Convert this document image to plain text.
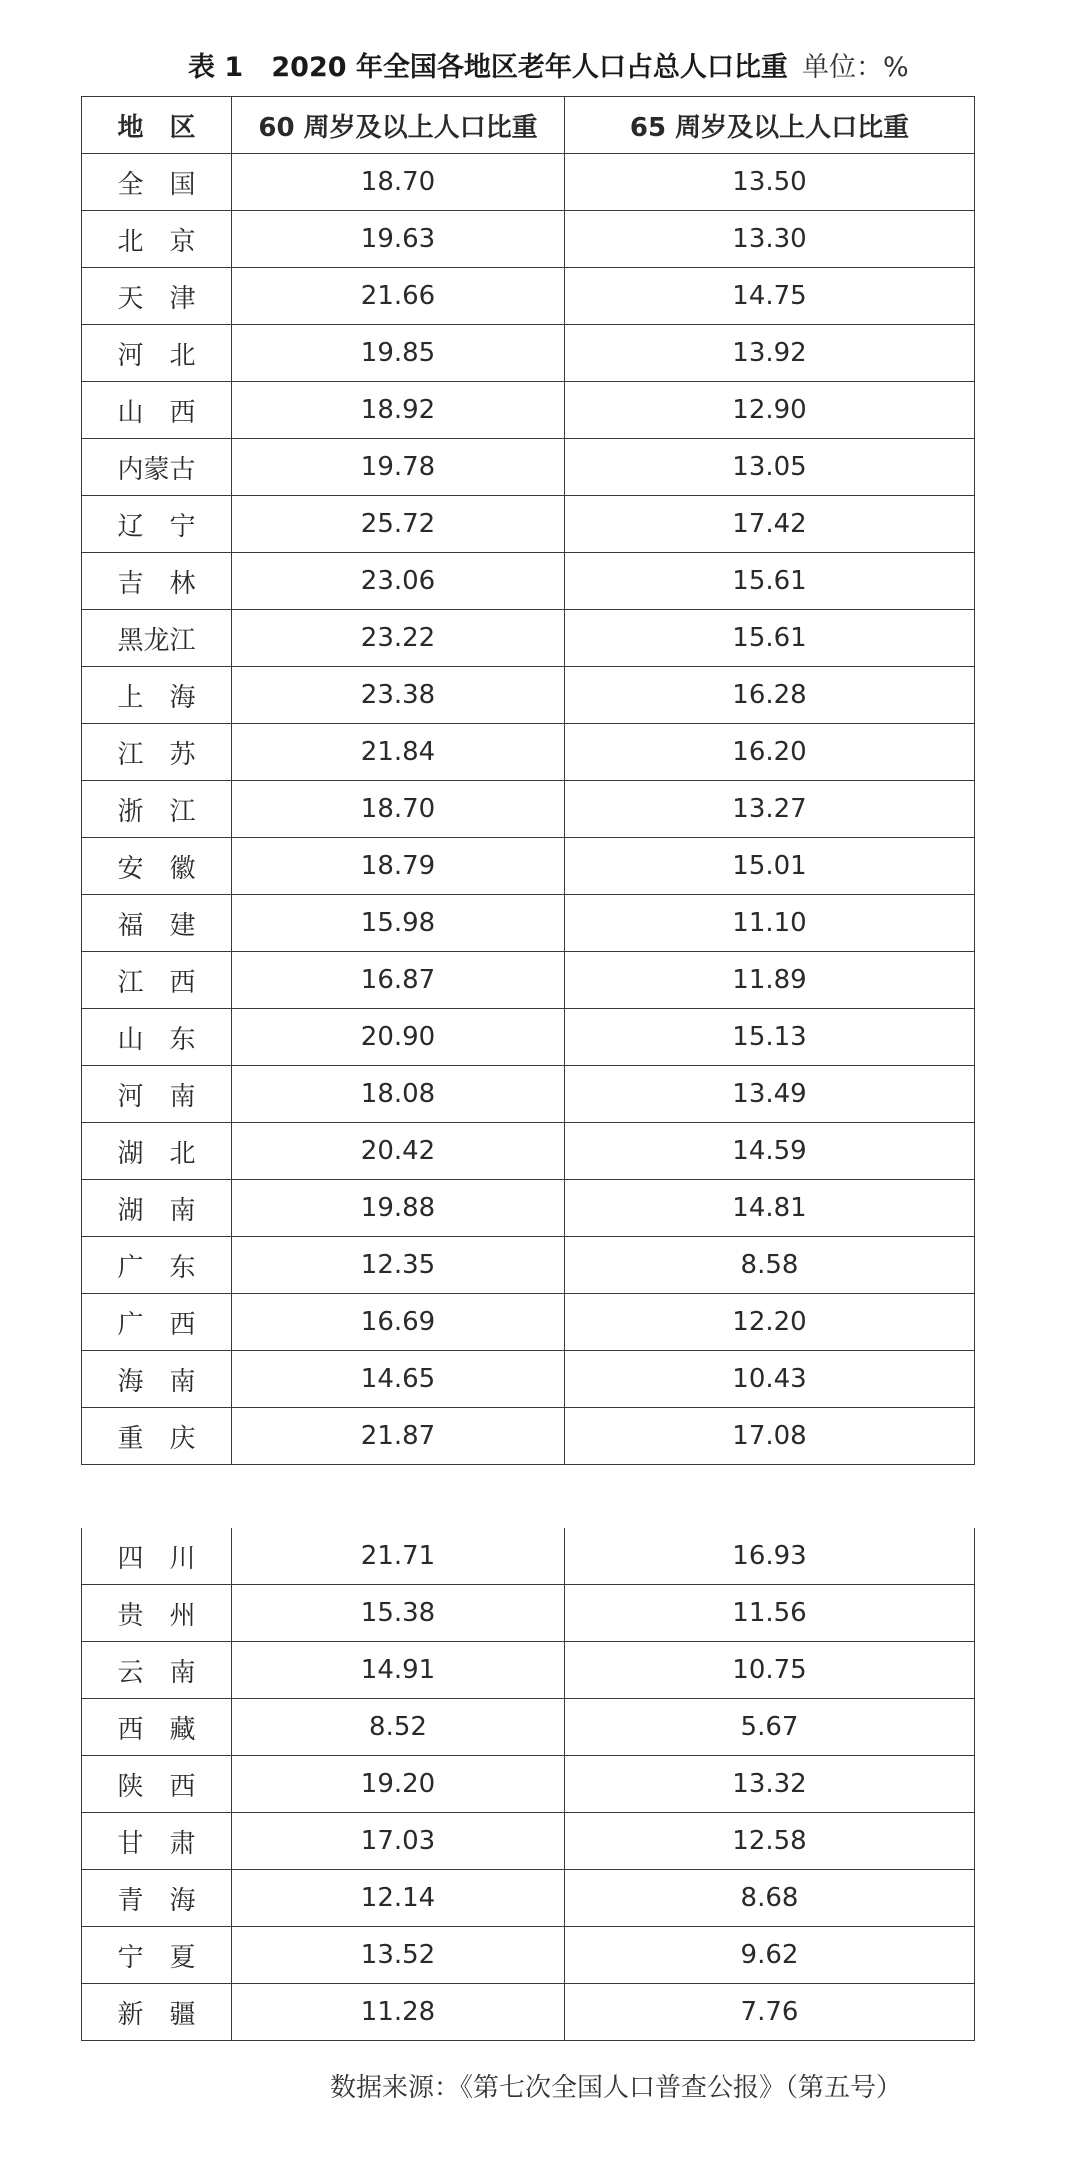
表 1   2020 年全国各地区老年人口占总人口比重 单位：%
地　区	60 周岁及以上人口比重	65 周岁及以上人口比重
全　国	18.70	13.50
北　京	19.63	13.30
天　津	21.66	14.75
河　北	19.85	13.92
山　西	18.92	12.90
内蒙古	19.78	13.05
辽　宁	25.72	17.42
吉　林	23.06	15.61
黑龙江	23.22	15.61
上　海	23.38	16.28
江　苏	21.84	16.20
浙　江	18.70	13.27
安　徽	18.79	15.01
福　建	15.98	11.10
江　西	16.87	11.89
山　东	20.90	15.13
河　南	18.08	13.49
湖　北	20.42	14.59
湖　南	19.88	14.81
广　东	12.35	8.58
广　西	16.69	12.20
海　南	14.65	10.43
重　庆	21.87	17.08
四　川	21.71	16.93
贵　州	15.38	11.56
云　南	14.91	10.75
西　藏	8.52	5.67
陕　西	19.20	13.32
甘　肃	17.03	12.58
青　海	12.14	8.68
宁　夏	13.52	9.62
新　疆	11.28	7.76
数据来源：《第七次全国人口普查公报》（第五号）
